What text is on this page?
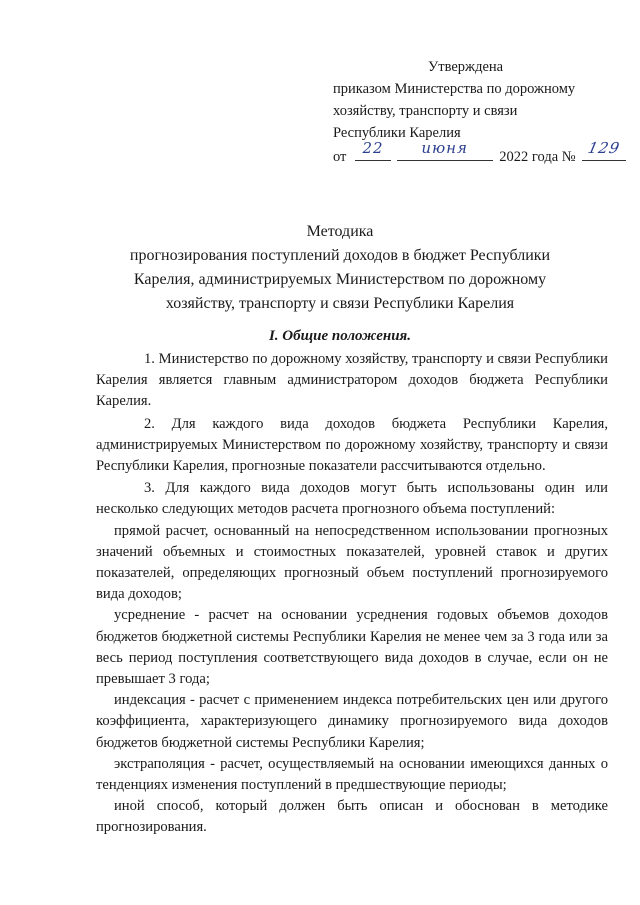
Утверждена
приказом Министерства по дорожному
хозяйству, транспорту и связи
Республики Карелия
от	22
	июня	2022 года № 129
Методика
прогнозирования поступлений доходов в бюджет Республики
Карелия, администрируемых Министерством по дорожному
хозяйству, транспорту и связи Республики Карелия
I. Общие положения.

1. Министерство по дорожному хозяйству, транспорту и связи Республики Карелия является главным администратором доходов бюджета Республики Карелия.

2. Для каждого вида доходов бюджета Республики Карелия, администрируемых Министерством по дорожному хозяйству, транспорту и связи Республики Карелия, прогнозные показатели рассчитываются отдельно.

3. Для каждого вида доходов могут быть использованы один или несколько следующих методов расчета прогнозного объема поступлений:

прямой расчет, основанный на непосредственном использовании прогнозных значений объемных и стоимостных показателей, уровней ставок и других показателей, определяющих прогнозный объем поступлений прогнозируемого вида доходов;

усреднение - расчет на основании усреднения годовых объемов доходов бюджетов бюджетной системы Республики Карелия не менее чем за 3 года или за весь период поступления соответствующего вида доходов в случае, если он не превышает 3 года;

индексация - расчет с применением индекса потребительских цен или другого коэффициента, характеризующего динамику прогнозируемого вида доходов бюджетов бюджетной системы Республики Карелия;

экстраполяция - расчет, осуществляемый на основании имеющихся данных о тенденциях изменения поступлений в предшествующие периоды;

иной способ, который должен быть описан и обоснован в методике прогнозирования.
